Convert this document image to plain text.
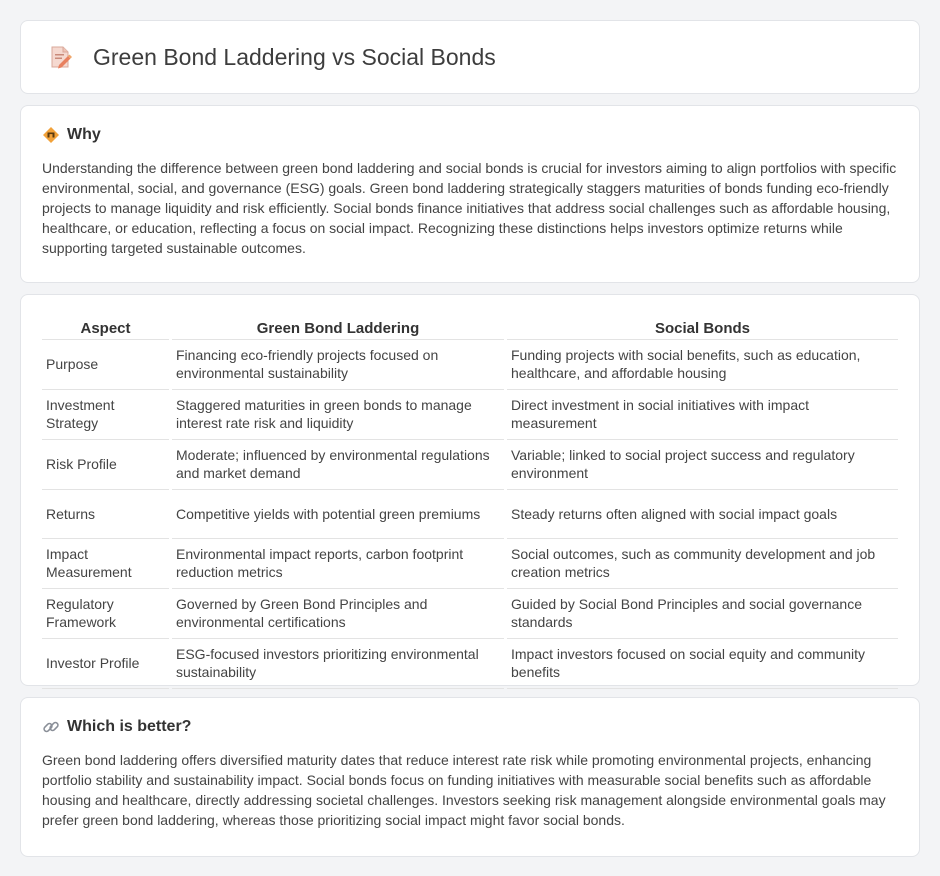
Green Bond Laddering vs Social Bonds
Why

Understanding the difference between green bond laddering and social bonds is crucial for investors aiming to align portfolios with specific environmental, social, and governance (ESG) goals. Green bond laddering strategically staggers maturities of bonds funding eco-friendly projects to manage liquidity and risk efficiently. Social bonds finance initiatives that address social challenges such as affordable housing, healthcare, or education, reflecting a focus on social impact. Recognizing these distinctions helps investors optimize returns while supporting targeted sustainable outcomes.

Aspect	Green Bond Laddering	Social Bonds
Purpose	Financing eco-friendly projects focused on environmental sustainability	Funding projects with social benefits, such as education, healthcare, and affordable housing
Investment Strategy	Staggered maturities in green bonds to manage interest rate risk and liquidity	Direct investment in social initiatives with impact measurement
Risk Profile	Moderate; influenced by environmental regulations and market demand	Variable; linked to social project success and regulatory environment
Returns	Competitive yields with potential green premiums	Steady returns often aligned with social impact goals
Impact Measurement	Environmental impact reports, carbon footprint reduction metrics	Social outcomes, such as community development and job creation metrics
Regulatory Framework	Governed by Green Bond Principles and environmental certifications	Guided by Social Bond Principles and social governance standards
Investor Profile	ESG-focused investors prioritizing environmental sustainability	Impact investors focused on social equity and community benefits
Which is better?

Green bond laddering offers diversified maturity dates that reduce interest rate risk while promoting environmental projects, enhancing portfolio stability and sustainability impact. Social bonds focus on funding initiatives with measurable social benefits such as affordable housing and healthcare, directly addressing societal challenges. Investors seeking risk management alongside environmental goals may prefer green bond laddering, whereas those prioritizing social impact might favor social bonds.
